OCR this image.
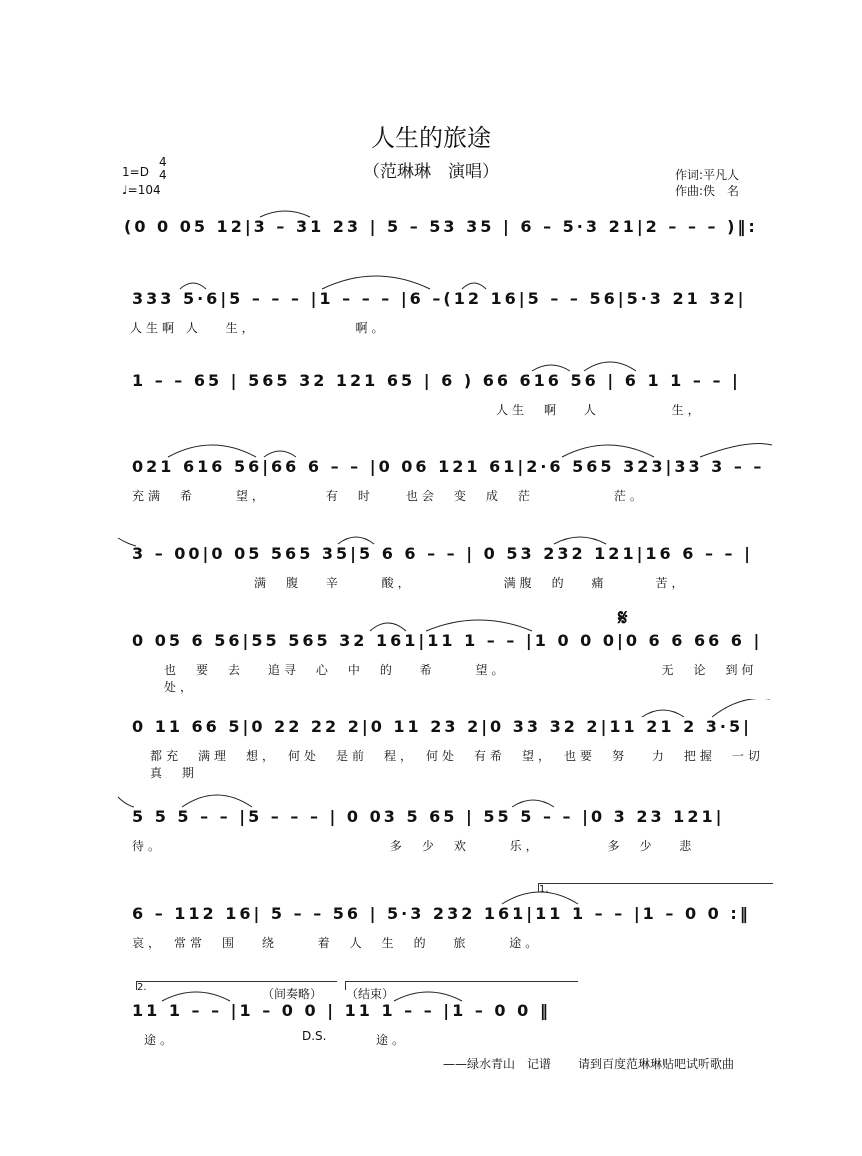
人生的旅途
（范琳琳　演唱）
1=D
4
4
♩=104
作词:平凡人
作曲:佚　名
(0 0 05 12|3 – 31 23 | 5 – 53 35 | 6 – 5·3 21|2 – – – )‖:
333 5·6|5 – – – |1 – – – |6 –(12 16|5 – – 56|5·3 21 32|
人生啊 人　 生，　　　　　　 啊。
1 – – 65 | 565 32 121 65 | 6 ) 66 616 56 | 6 1 1 – – |
人生　啊　 人　　　　 生，
021 616 56|66 6 – – |0 06 121 61|2·6 565 323|33 3 – –
充满　希　　 望，　　　　有　时　　也会　变　成　茫　　　　　茫。
3 – 00|0 05 565 35|5 6 6 – – | 0 53 232 121|16 6 – – |
满　腹　 辛　　 酸，　　　　　　满腹　的　 痛　　　苦，
0 05 6 56|55 565 32 161|11 1 – – |1 0 0 0|0 6 6 66 6 |
也　要　去　 追寻　心　中　的　 希　　 望。　　　　　　　　　　无　论　到何　处，
𝄋
0 11 66 5|0 22 22 2|0 11 23 2|0 33 32 2|11 21 2 3·5|
都充　满理　想，　何处　是前　程，　何处　有希　望，　也要　努　 力　把握　一切　真　期
5 5 5 – – |5 – – – | 0 03 5 65 | 55 5 – – |0 3 23 121|
待。　　　　　　　　　　　　　　 多　少　欢　　 乐，　　　　 多　少　 悲
6 – 112 16| 5 – – 56 | 5·3 232 161|11 1 – – |1 – 0 0 :‖
哀，　常常　围　 绕　　 着　人　生　的　 旅　　 途。
1.
2.	（间奏略） （结束）
11 1 – – |1 – 0 0 | 11 1 – – |1 – 0 0 ‖
途。	途。
D.S.
——绿水青山　记谱 请到百度范琳琳贴吧试听歌曲
